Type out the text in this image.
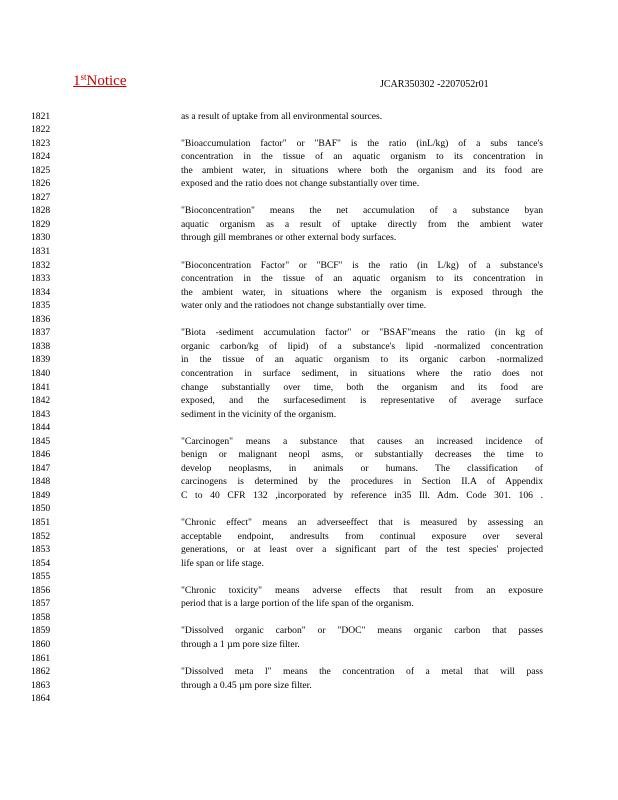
1stNotice	JCAR350302 -2207052r01
1821	as a result of uptake from all environmental sources.
1822
1823	"Bioaccumulation factor" or "BAF" is the ratio (inL/kg) of a subs tance's
1824	concentration in the tissue of an aquatic organism to its concentration in
1825	the ambient water, in situations where both the organism and its food are
1826	exposed and the ratio does not change substantially over time.
1827
1828	"Bioconcentration" means the net accumulation of a substance byan
1829	aquatic organism as a result of uptake directly from the ambient water
1830	through gill membranes or other external body surfaces.
1831
1832	"Bioconcentration Factor" or "BCF" is the ratio (in L/kg) of a substance's
1833	concentration in the tissue of an aquatic organism to its concentration in
1834	the ambient water, in situations where the organism is exposed through the
1835	water only and the ratiodoes not change substantially over time.
1836
1837	"Biota -sediment accumulation factor" or "BSAF"means the ratio (in kg of
1838	organic carbon/kg of lipid) of a substance's lipid -normalized concentration
1839	in the tissue of an aquatic organism to its organic carbon -normalized
1840	concentration in surface sediment, in situations where the ratio does not
1841	change substantially over time, both the organism and its food are
1842	exposed, and the surfacesediment is representative of average surface
1843	sediment in the vicinity of the organism.
1844
1845	"Carcinogen" means a substance that causes an increased incidence of
1846	benign or malignant neopl asms, or substantially decreases the time to
1847	develop neoplasms, in animals or humans. The classification of
1848	carcinogens is determined by the procedures in Section II.A of Appendix
1849	C to 40 CFR 132 ,incorporated by reference in35 Ill. Adm. Code 301. 106 .
1850
1851	"Chronic effect" means an adverseeffect that is measured by assessing an
1852	acceptable endpoint, andresults from continual exposure over several
1853	generations, or at least over a significant part of the test species' projected
1854	life span or life stage.
1855
1856	"Chronic toxicity" means adverse effects that result from an exposure
1857	period that is a large portion of the life span of the organism.
1858
1859	"Dissolved organic carbon" or "DOC" means organic carbon that passes
1860	through a 1 µm pore size filter.
1861
1862	"Dissolved meta l" means the concentration of a metal that will pass
1863	through a 0.45 µm pore size filter.
1864
